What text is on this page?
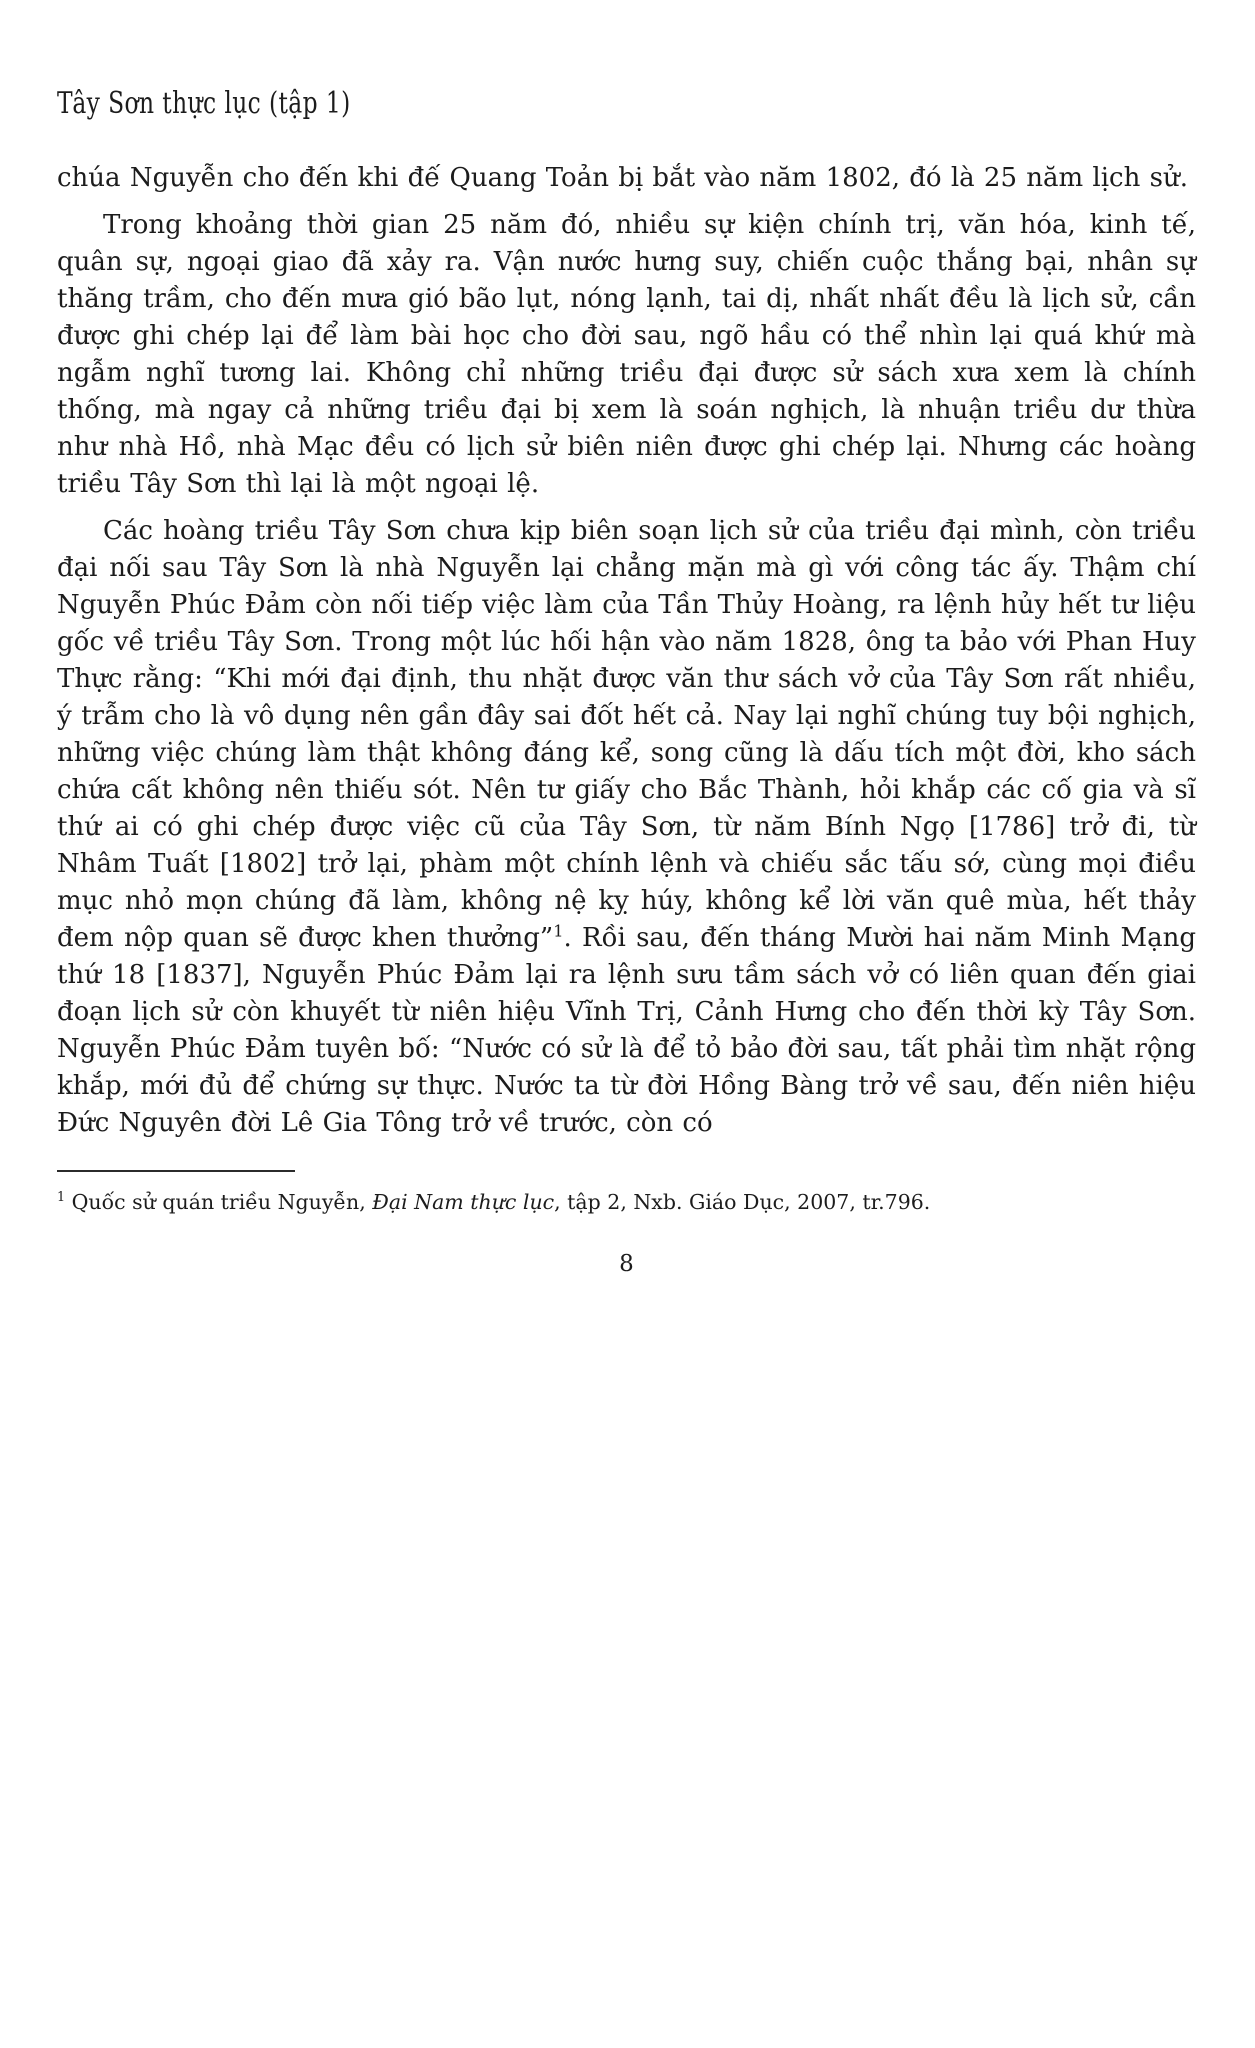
Tây Sơn thực lục (tập 1)

chúa Nguyễn cho đến khi đế Quang Toản bị bắt vào năm 1802, đó là 25 năm lịch sử.

Trong khoảng thời gian 25 năm đó, nhiều sự kiện chính trị, văn hóa, kinh tế, quân sự, ngoại giao đã xảy ra. Vận nước hưng suy, chiến cuộc thắng bại, nhân sự thăng trầm, cho đến mưa gió bão lụt, nóng lạnh, tai dị, nhất nhất đều là lịch sử, cần được ghi chép lại để làm bài học cho đời sau, ngõ hầu có thể nhìn lại quá khứ mà ngẫm nghĩ tương lai. Không chỉ những triều đại được sử sách xưa xem là chính thống, mà ngay cả những triều đại bị xem là soán nghịch, là nhuận triều dư thừa như nhà Hồ, nhà Mạc đều có lịch sử biên niên được ghi chép lại. Nhưng các hoàng triều Tây Sơn thì lại là một ngoại lệ.

Các hoàng triều Tây Sơn chưa kịp biên soạn lịch sử của triều đại mình, còn triều đại nối sau Tây Sơn là nhà Nguyễn lại chẳng mặn mà gì với công tác ấy. Thậm chí Nguyễn Phúc Đảm còn nối tiếp việc làm của Tần Thủy Hoàng, ra lệnh hủy hết tư liệu gốc về triều Tây Sơn. Trong một lúc hối hận vào năm 1828, ông ta bảo với Phan Huy Thực rằng: “Khi mới đại định, thu nhặt được văn thư sách vở của Tây Sơn rất nhiều, ý trẫm cho là vô dụng nên gần đây sai đốt hết cả. Nay lại nghĩ chúng tuy bội nghịch, những việc chúng làm thật không đáng kể, song cũng là dấu tích một đời, kho sách chứa cất không nên thiếu sót. Nên tư giấy cho Bắc Thành, hỏi khắp các cố gia và sĩ thứ ai có ghi chép được việc cũ của Tây Sơn, từ năm Bính Ngọ [1786] trở đi, từ Nhâm Tuất [1802] trở lại, phàm một chính lệnh và chiếu sắc tấu sớ, cùng mọi điều mục nhỏ mọn chúng đã làm, không nệ kỵ húy, không kể lời văn quê mùa, hết thảy đem nộp quan sẽ được khen thưởng”$^1$. Rồi sau, đến tháng Mười hai năm Minh Mạng thứ 18 [1837], Nguyễn Phúc Đảm lại ra lệnh sưu tầm sách vở có liên quan đến giai đoạn lịch sử còn khuyết từ niên hiệu Vĩnh Trị, Cảnh Hưng cho đến thời kỳ Tây Sơn. Nguyễn Phúc Đảm tuyên bố: “Nước có sử là để tỏ bảo đời sau, tất phải tìm nhặt rộng khắp, mới đủ để chứng sự thực. Nước ta từ đời Hồng Bàng trở về sau, đến niên hiệu Đức Nguyên đời Lê Gia Tông trở về trước, còn có

$^1$ Quốc sử quán triều Nguyễn, Đại Nam thực lục, tập 2, Nxb. Giáo Dục, 2007, tr.796.
8
